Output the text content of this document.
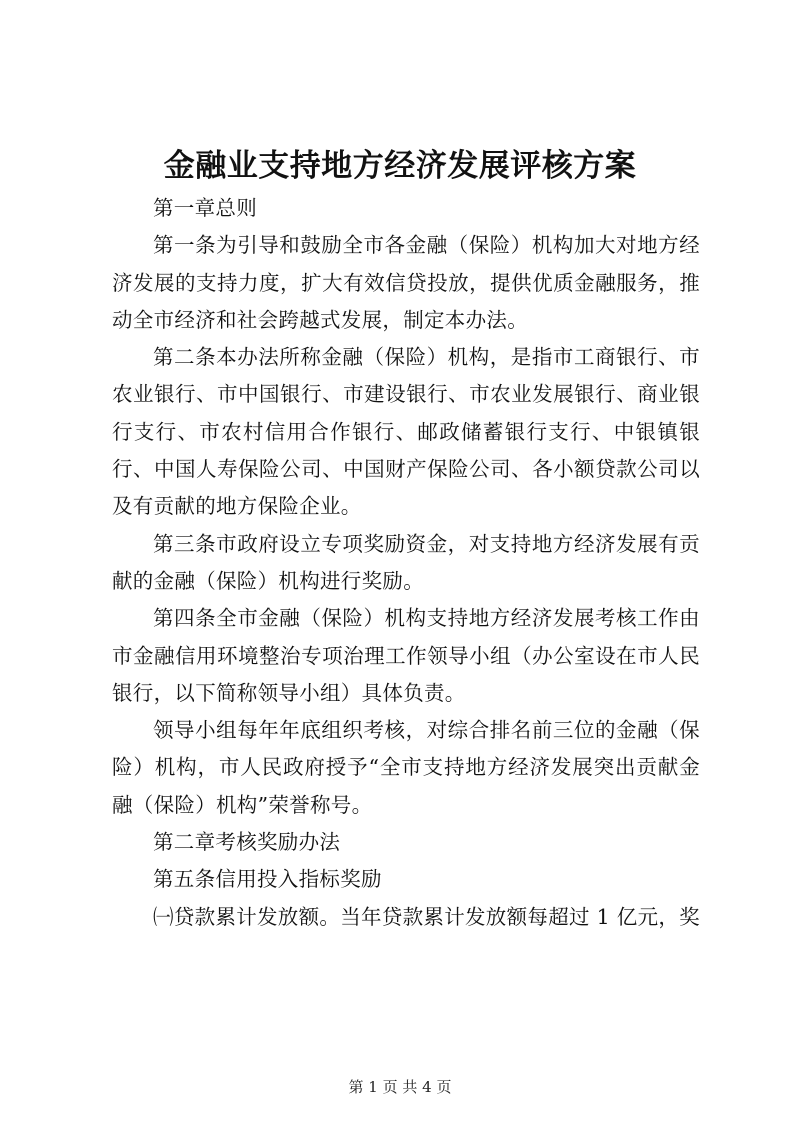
金融业支持地方经济发展评核方案

第一章总则

第一条为引导和鼓励全市各金融（保险）机构加大对地方经济发展的支持力度，扩大有效信贷投放，提供优质金融服务，推动全市经济和社会跨越式发展，制定本办法。

第二条本办法所称金融（保险）机构，是指市工商银行、市农业银行、市中国银行、市建设银行、市农业发展银行、商业银行支行、市农村信用合作银行、邮政储蓄银行支行、中银镇银行、中国人寿保险公司、中国财产保险公司、各小额贷款公司以及有贡献的地方保险企业。

第三条市政府设立专项奖励资金，对支持地方经济发展有贡献的金融（保险）机构进行奖励。

第四条全市金融（保险）机构支持地方经济发展考核工作由市金融信用环境整治专项治理工作领导小组（办公室设在市人民银行，以下简称领导小组）具体负责。

领导小组每年年底组织考核，对综合排名前三位的金融（保险）机构，市人民政府授予“全市支持地方经济发展突出贡献金融（保险）机构”荣誉称号。

第二章考核奖励办法

第五条信用投入指标奖励

㈠贷款累计发放额。当年贷款累计发放额每超过 1 亿元，奖

第 1 页 共 4 页
